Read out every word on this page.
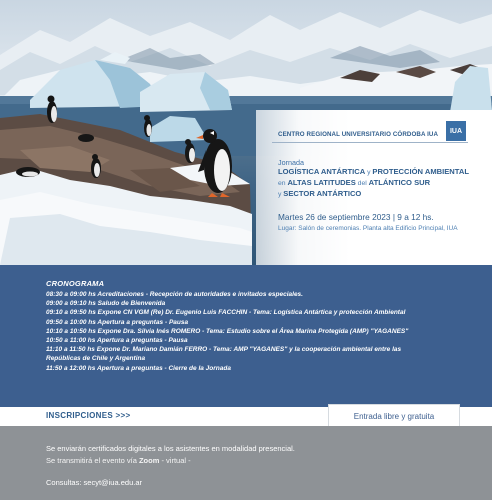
CENTRO REGIONAL UNIVERSITARIO CÓRDOBA IUA	IUA
Jornada
LOGÍSTICA ANTÁRTICA y PROTECCIÓN AMBIENTAL
en ALTAS LATITUDES del ATLÁNTICO SUR
y SECTOR ANTÁRTICO
Martes 26 de septiembre 2023 | 9 a 12 hs.
Lugar: Salón de ceremonias. Planta alta Edificio Principal, IUA
CRONOGRAMA
08:30 a 09:00 hs Acreditaciones - Recepción de autoridades e invitados especiales.
09:00 a 09:10 hs Saludo de Bienvenida
09:10 a 09:50 hs Expone CN VGM (Re) Dr. Eugenio Luis FACCHIN - Tema: Logística Antártica y protección Ambiental
09:50 a 10:00 hs Apertura a preguntas - Pausa
10:10 a 10:50 hs Expone Dra. Silvia Inés ROMERO - Tema: Estudio sobre el Área Marina Protegida (AMP) "YAGANES"
10:50 a 11:00 hs Apertura a preguntas - Pausa
11:10 a 11:50 hs Expone Dr. Mariano Damián FERRO - Tema: AMP "YAGANES" y la cooperación ambiental entre las
Repúblicas de Chile y Argentina
11:50 a 12:00 hs Apertura a preguntas - Cierre de la Jornada
INSCRIPCIONES >>>	Entrada libre y gratuita
Se enviarán certificados digitales a los asistentes en modalidad presencial.
Se transmitirá el evento vía Zoom - virtual -
Consultas: secyt@iua.edu.ar
